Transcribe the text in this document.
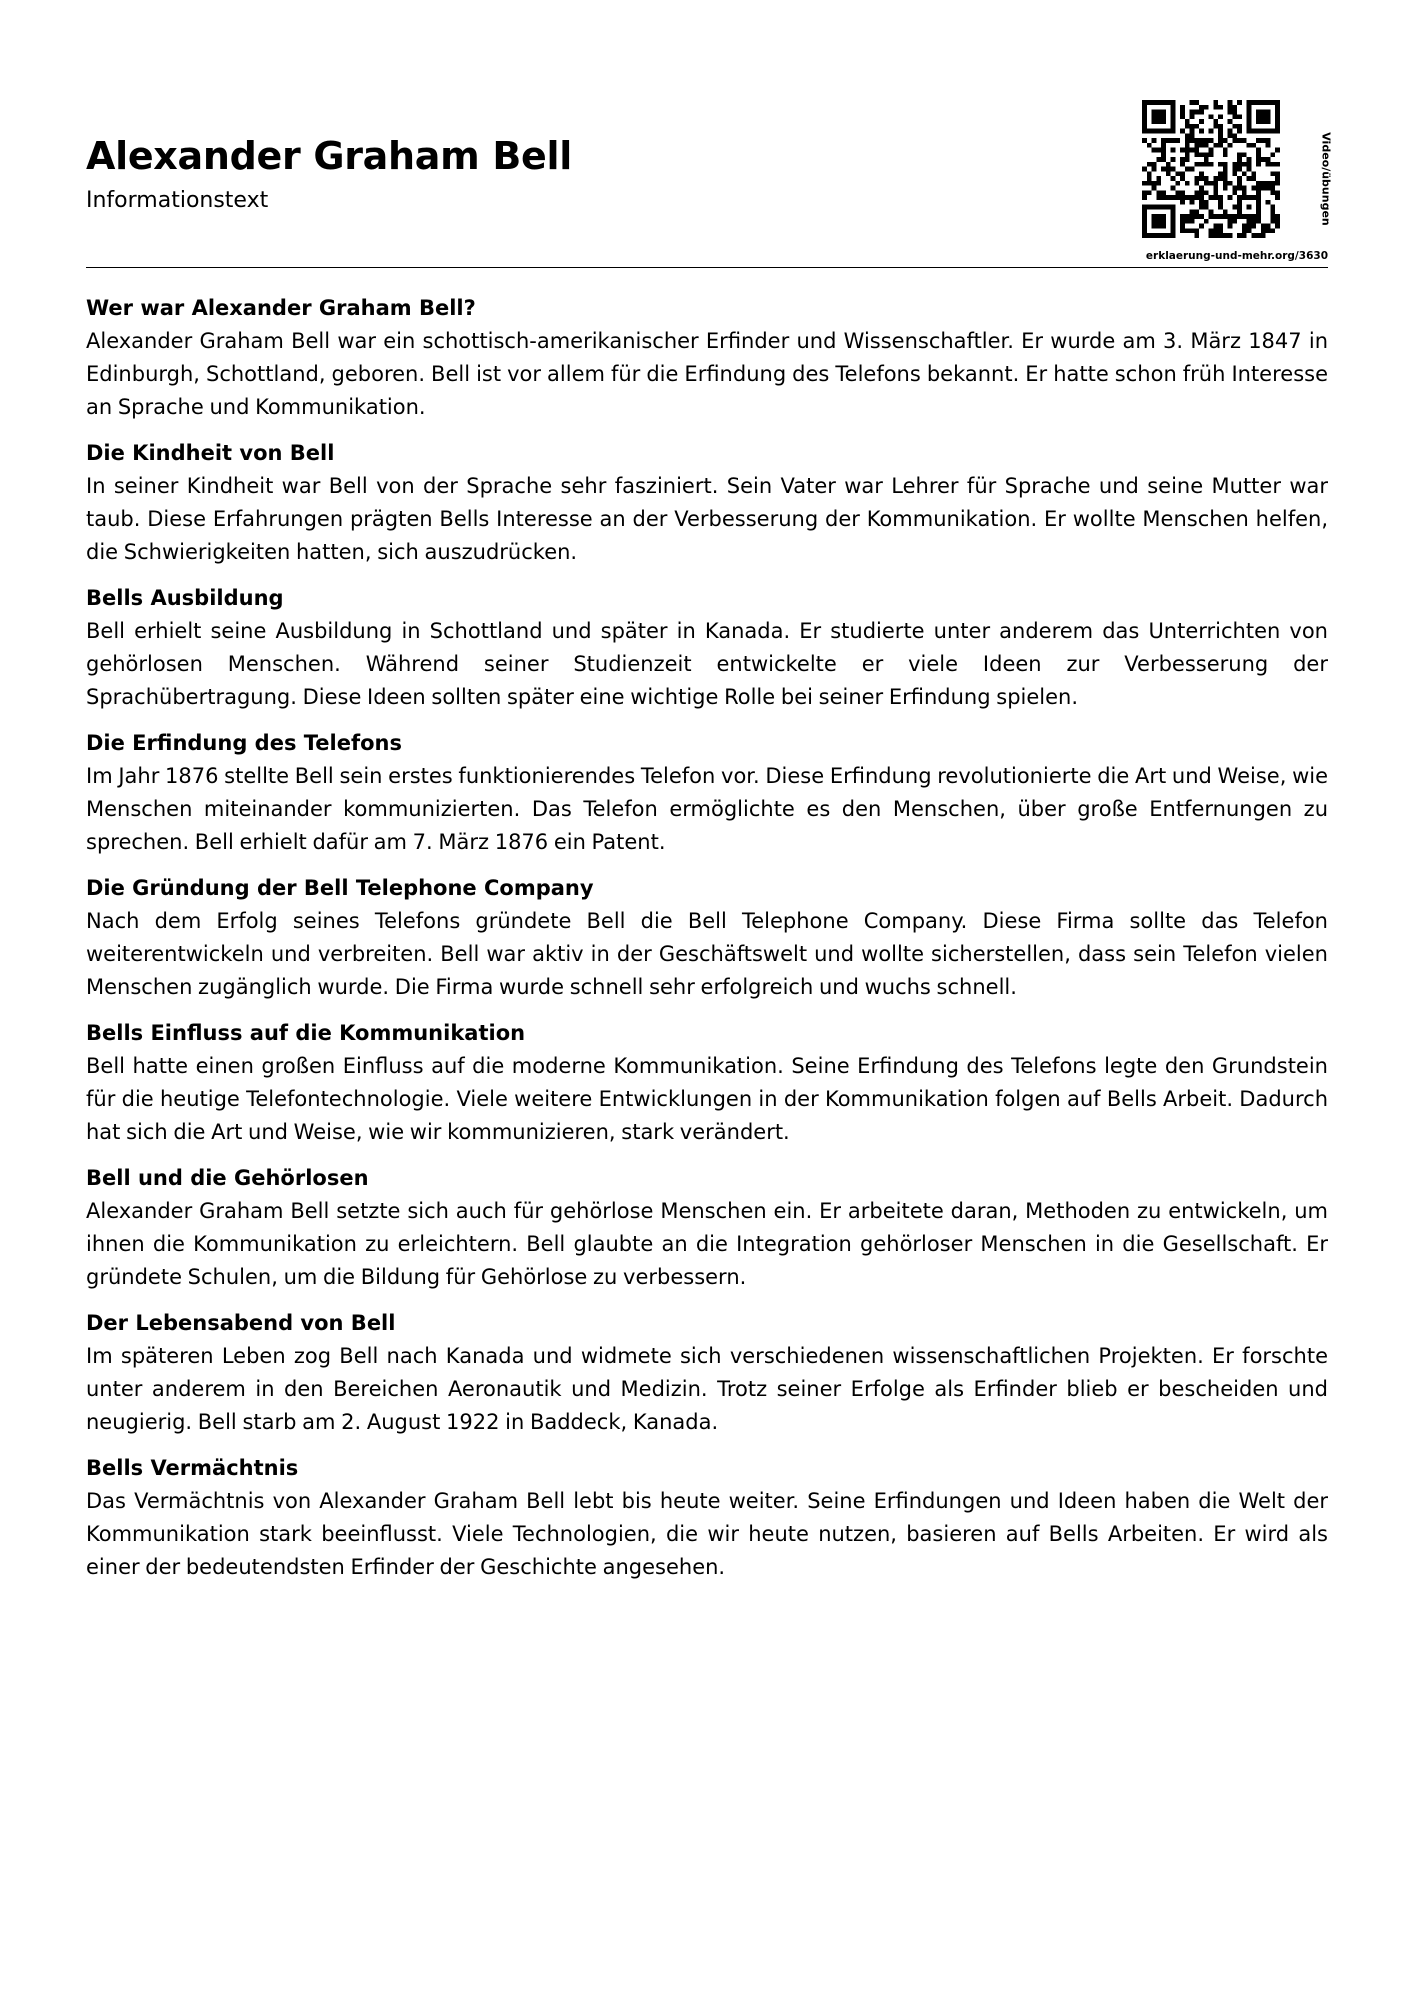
Alexander Graham Bell
Informationstext	Video/übungen
erklaerung-und-mehr.org/3630

Wer war Alexander Graham Bell?

Alexander Graham Bell war ein schottisch-amerikanischer Erfinder und Wissenschaftler. Er wurde am 3. März 1847 in Edinburgh, Schottland, geboren. Bell ist vor allem für die Erfindung des Telefons bekannt. Er hatte schon früh Interesse an Sprache und Kommunikation.

Die Kindheit von Bell

In seiner Kindheit war Bell von der Sprache sehr fasziniert. Sein Vater war Lehrer für Sprache und seine Mutter war taub. Diese Erfahrungen prägten Bells Interesse an der Verbesserung der Kommunikation. Er wollte Menschen helfen, die Schwierigkeiten hatten, sich auszudrücken.

Bells Ausbildung

Bell erhielt seine Ausbildung in Schottland und später in Kanada. Er studierte unter anderem das Unterrichten von gehörlosen Menschen. Während seiner Studienzeit entwickelte er viele Ideen zur Verbesserung der Sprachübertragung. Diese Ideen sollten später eine wichtige Rolle bei seiner Erfindung spielen.

Die Erfindung des Telefons

Im Jahr 1876 stellte Bell sein erstes funktionierendes Telefon vor. Diese Erfindung revolutionierte die Art und Weise, wie Menschen miteinander kommunizierten. Das Telefon ermöglichte es den Menschen, über große Entfernungen zu sprechen. Bell erhielt dafür am 7. März 1876 ein Patent.

Die Gründung der Bell Telephone Company

Nach dem Erfolg seines Telefons gründete Bell die Bell Telephone Company. Diese Firma sollte das Telefon weiterentwickeln und verbreiten. Bell war aktiv in der Geschäftswelt und wollte sicherstellen, dass sein Telefon vielen Menschen zugänglich wurde. Die Firma wurde schnell sehr erfolgreich und wuchs schnell.

Bells Einfluss auf die Kommunikation

Bell hatte einen großen Einfluss auf die moderne Kommunikation. Seine Erfindung des Telefons legte den Grundstein für die heutige Telefontechnologie. Viele weitere Entwicklungen in der Kommunikation folgen auf Bells Arbeit. Dadurch hat sich die Art und Weise, wie wir kommunizieren, stark verändert.

Bell und die Gehörlosen

Alexander Graham Bell setzte sich auch für gehörlose Menschen ein. Er arbeitete daran, Methoden zu entwickeln, um ihnen die Kommunikation zu erleichtern. Bell glaubte an die Integration gehörloser Menschen in die Gesellschaft. Er gründete Schulen, um die Bildung für Gehörlose zu verbessern.

Der Lebensabend von Bell

Im späteren Leben zog Bell nach Kanada und widmete sich verschiedenen wissenschaftlichen Projekten. Er forschte unter anderem in den Bereichen Aeronautik und Medizin. Trotz seiner Erfolge als Erfinder blieb er bescheiden und neugierig. Bell starb am 2. August 1922 in Baddeck, Kanada.

Bells Vermächtnis

Das Vermächtnis von Alexander Graham Bell lebt bis heute weiter. Seine Erfindungen und Ideen haben die Welt der Kommunikation stark beeinflusst. Viele Technologien, die wir heute nutzen, basieren auf Bells Arbeiten. Er wird als einer der bedeutendsten Erfinder der Geschichte angesehen.
